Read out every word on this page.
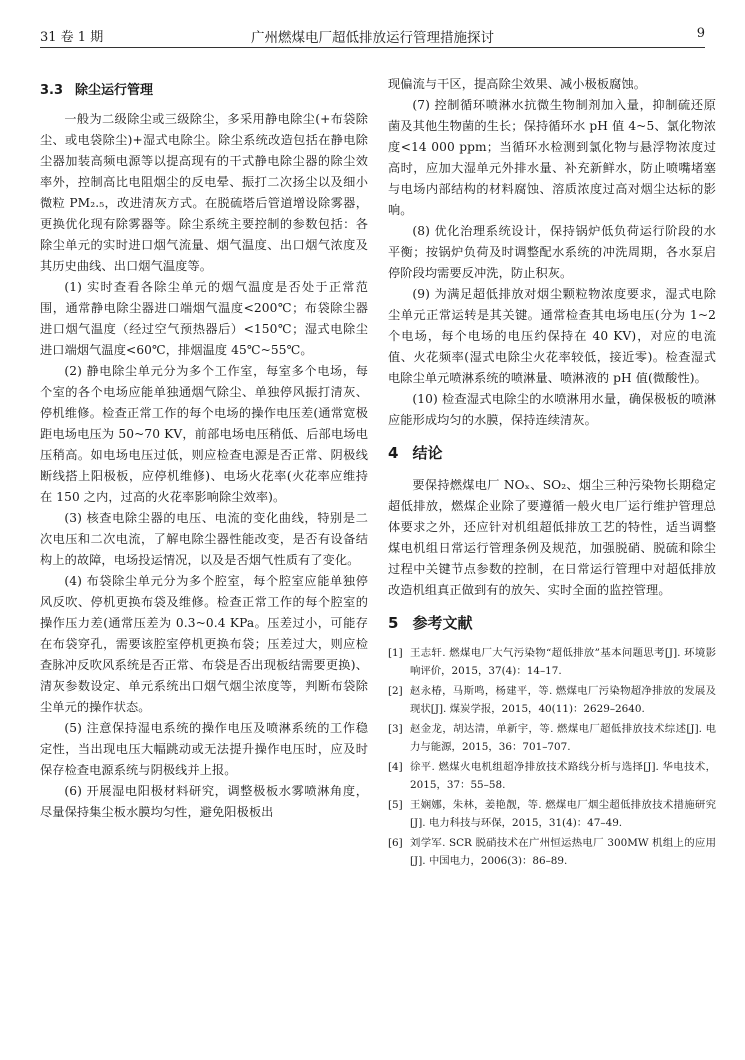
31 卷 1 期	广州燃煤电厂超低排放运行管理措施探讨	9
3.3 除尘运行管理

一般为二级除尘或三级除尘，多采用静电除尘(+布袋除尘、或电袋除尘)+湿式电除尘。除尘系统改造包括在静电除尘器加装高频电源等以提高现有的干式静电除尘器的除尘效率外，控制高比电阻烟尘的反电晕、振打二次扬尘以及细小微粒 PM₂.₅，改进清灰方式。在脱硫塔后管道增设除雾器，更换优化现有除雾器等。除尘系统主要控制的参数包括：各除尘单元的实时进口烟气流量、烟气温度、出口烟气浓度及其历史曲线、出口烟气温度等。

(1) 实时查看各除尘单元的烟气温度是否处于正常范围，通常静电除尘器进口端烟气温度<200℃；布袋除尘器进口烟气温度（经过空气预热器后）<150℃；湿式电除尘进口端烟气温度<60℃，排烟温度 45℃~55℃。

(2) 静电除尘单元分为多个工作室，每室多个电场，每个室的各个电场应能单独通烟气除尘、单独停风振打清灰、停机维修。检查正常工作的每个电场的操作电压差(通常宽极距电场电压为 50~70 KV，前部电场电压稍低、后部电场电压稍高。如电场电压过低，则应检查电源是否正常、阴极线断线搭上阳极板，应停机维修)、电场火花率(火花率应维持在 150 之内，过高的火花率影响除尘效率)。

(3) 核查电除尘器的电压、电流的变化曲线，特别是二次电压和二次电流，了解电除尘器性能改变，是否有设备结构上的故障，电场投运情况，以及是否烟气性质有了变化。

(4) 布袋除尘单元分为多个腔室，每个腔室应能单独停风反吹、停机更换布袋及维修。检查正常工作的每个腔室的操作压力差(通常压差为 0.3~0.4 KPa。压差过小，可能存在布袋穿孔，需要该腔室停机更换布袋；压差过大，则应检查脉冲反吹风系统是否正常、布袋是否出现板结需要更换)、清灰参数设定、单元系统出口烟气烟尘浓度等，判断布袋除尘单元的操作状态。

(5) 注意保持湿电系统的操作电压及喷淋系统的工作稳定性，当出现电压大幅跳动或无法提升操作电压时，应及时保存检查电源系统与阴极线并上报。

(6) 开展湿电阳极材料研究，调整极板水雾喷淋角度，尽量保持集尘板水膜均匀性，避免阳极板出

现偏流与干区，提高除尘效果、减小极板腐蚀。

(7) 控制循环喷淋水抗微生物制剂加入量，抑制硫还原菌及其他生物菌的生长；保持循环水 pH 值 4~5、氯化物浓度<14 000 ppm；当循环水检测到氯化物与悬浮物浓度过高时，应加大湿单元外排水量、补充新鲜水，防止喷嘴堵塞与电场内部结构的材料腐蚀、溶质浓度过高对烟尘达标的影响。

(8) 优化治理系统设计，保持锅炉低负荷运行阶段的水平衡；按锅炉负荷及时调整配水系统的冲洗周期，各水泵启停阶段均需要反冲洗，防止积灰。

(9) 为满足超低排放对烟尘颗粒物浓度要求，湿式电除尘单元正常运转是其关键。通常检查其电场电压(分为 1~2 个电场，每个电场的电压约保持在 40 KV)，对应的电流值、火花频率(湿式电除尘火花率较低，接近零)。检查湿式电除尘单元喷淋系统的喷淋量、喷淋液的 pH 值(微酸性)。

(10) 检查湿式电除尘的水喷淋用水量，确保极板的喷淋应能形成均匀的水膜，保持连续清灰。

4 结论

要保持燃煤电厂 NOₓ、SO₂、烟尘三种污染物长期稳定超低排放，燃煤企业除了要遵循一般火电厂运行维护管理总体要求之外，还应针对机组超低排放工艺的特性，适当调整煤电机组日常运行管理条例及规范，加强脱硝、脱硫和除尘过程中关键节点参数的控制，在日常运行管理中对超低排放改造机组真正做到有的放矢、实时全面的监控管理。

5 参考文献
[1] 王志轩. 燃煤电厂大气污染物“超低排放”基本问题思考[J]. 环境影响评价，2015，37(4)：14–17.
[2] 赵永椿，马斯鸣，杨建平，等. 燃煤电厂污染物超净排放的发展及现状[J]. 煤炭学报，2015，40(11)：2629–2640.
[3] 赵金龙，胡达清，单新宇，等. 燃煤电厂超低排放技术综述[J]. 电力与能源，2015，36：701–707.
[4] 徐平. 燃煤火电机组超净排放技术路线分析与选择[J]. 华电技术，2015，37：55–58.
[5] 王娴娜，朱林，姜艳靓，等. 燃煤电厂烟尘超低排放技术措施研究[J]. 电力科技与环保，2015，31(4)：47–49.
[6] 刘学军. SCR 脱硝技术在广州恒运热电厂 300MW 机组上的应用[J]. 中国电力，2006(3)：86–89.
